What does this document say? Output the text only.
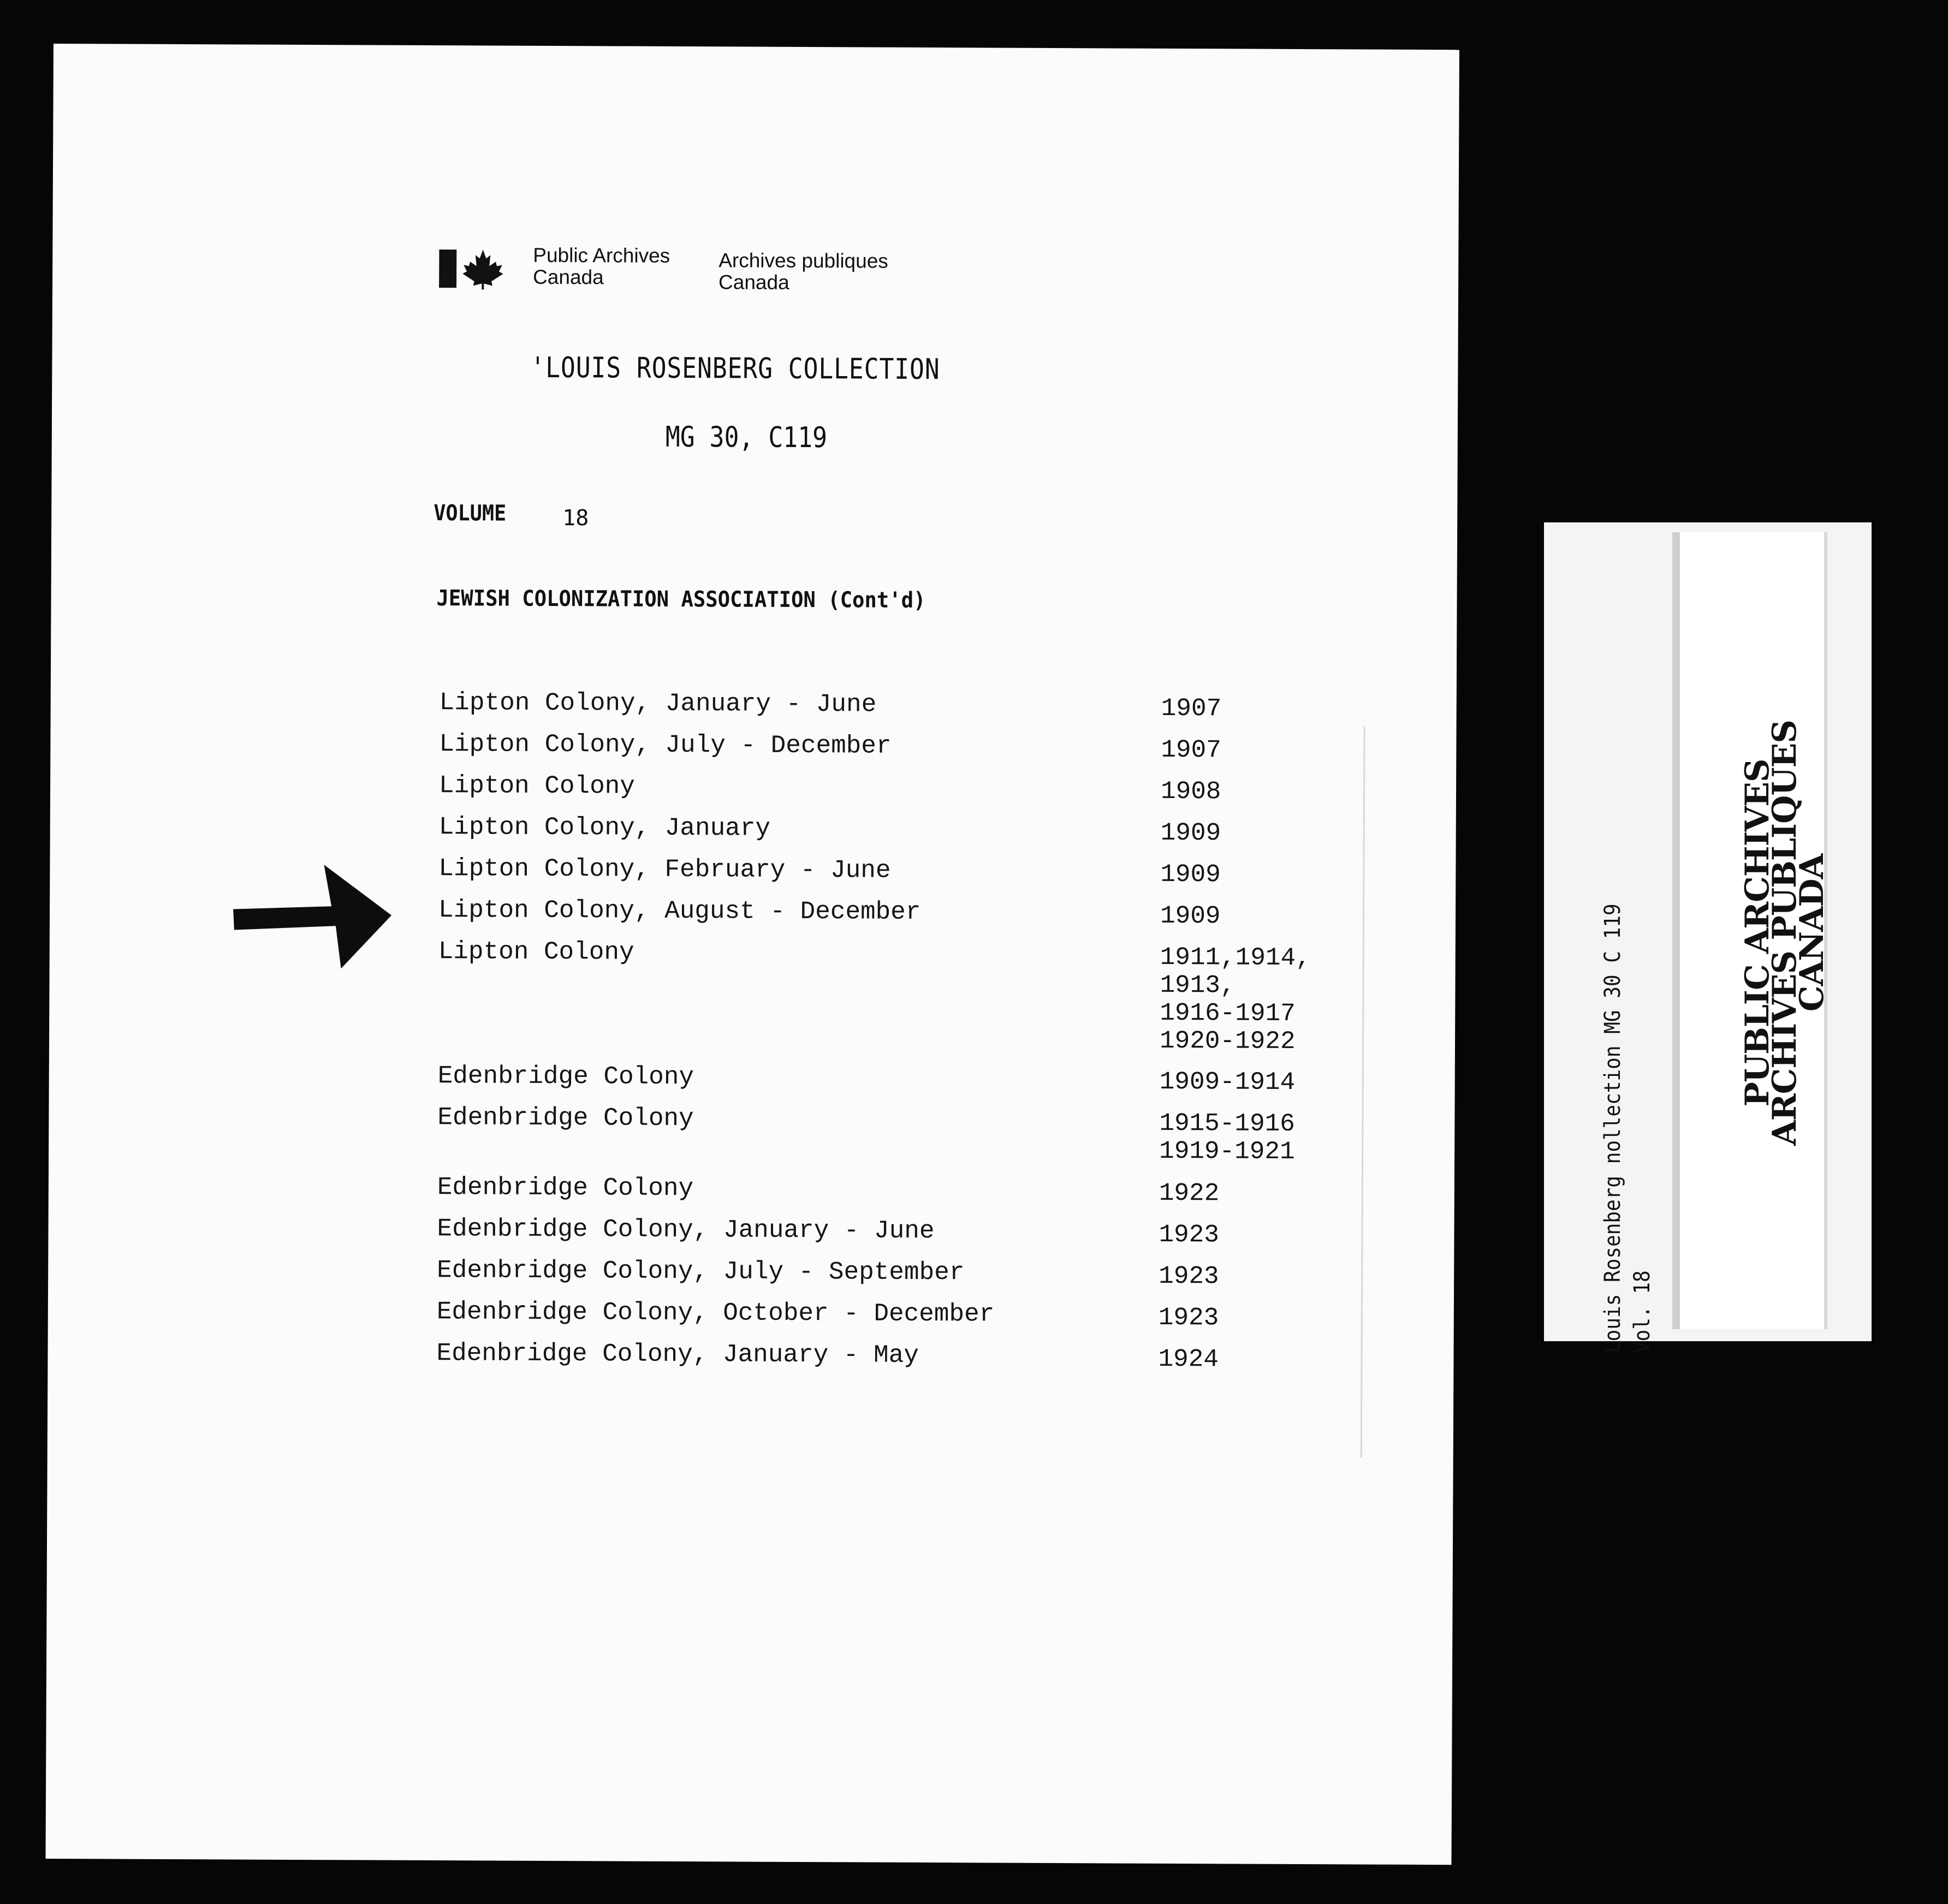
Public Archives
Canada
Archives publiques
Canada
'LOUIS ROSENBERG COLLECTION
MG 30, C119
VOLUME	18
JEWISH COLONIZATION ASSOCIATION (Cont'd)
Lipton Colony, January - June	1907
Lipton Colony, July - December	1907
Lipton Colony	1908
Lipton Colony, January	1909
Lipton Colony, February - June	1909
Lipton Colony, August - December	1909
Lipton Colony	1911,1914,
1913,
1916-1917
1920-1922
Edenbridge Colony	1909-1914
Edenbridge Colony	1915-1916
1919-1921
Edenbridge Colony	1922
Edenbridge Colony, January - June	1923
Edenbridge Colony, July - September	1923
Edenbridge Colony, October - December	1923
Edenbridge Colony, January - May	1924
Louis Rosenberg nollection MG 30 C 119 Vol. 18
PUBLIC ARCHIVES
ARCHIVES PUBLIQUES
CANADA
